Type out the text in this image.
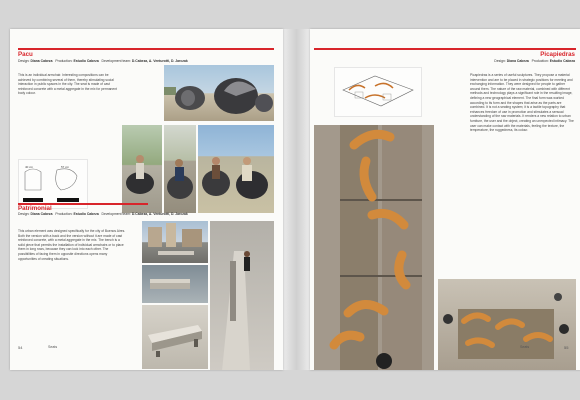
Pacu
Design: Diana Cabeza Production: Estudio Cabeza Development team: D.Cabeza, A. Venturotti, D. Jarczak
This is an individual armchair. Interesting compositions can be achieved by combining several of them, thereby stimulating social interaction in public spaces in the city. The seat is made of cast reinforced concrete with a metal aggregate in the mix for permanent body colour.
40 cm	57 cm
Patrimonial
Design: Diana Cabeza Production: Estudio Cabeza Development team: D.Cabeza, A. Venturotti, D. Jarczak
This urban element was designed specifically for the city of Buenos Aires. Both the version with a back and the version without it are made of cast reinforced concrete, with a metal aggregate in the mix. The bench is a solid piece that permits the installation of individual armchairs or to place them in long rows, because they can lock into each other. The possibilities of facing them in opposite directions opens many opportunities of creating situations.
54	Seats
Picapiedras
Design: Diana Cabeza Production: Estudio Cabeza
Picapiedras is a series of useful sculptures. They propose a material intervention and are to be placed in strategic positions for meeting and exchanging information. They were designed for people to gather around them. The nature of the raw material, combined with different methods and technology plays a significant role in the resulting image, defining a new geographical element. The final form was worked according to its form and the shapes that arise as the parts are combined. It is not a seating system; it is a tactile topography that enhances freedom of use in promotion and stimulates a sensual understanding of the raw materials. It renders a new relation to urban furniture, the user and the object, creating an unexpected intimacy. The user can make contact with the materials, feeling the texture, the temperature, the ruggedness, its colour.
Seats	55
